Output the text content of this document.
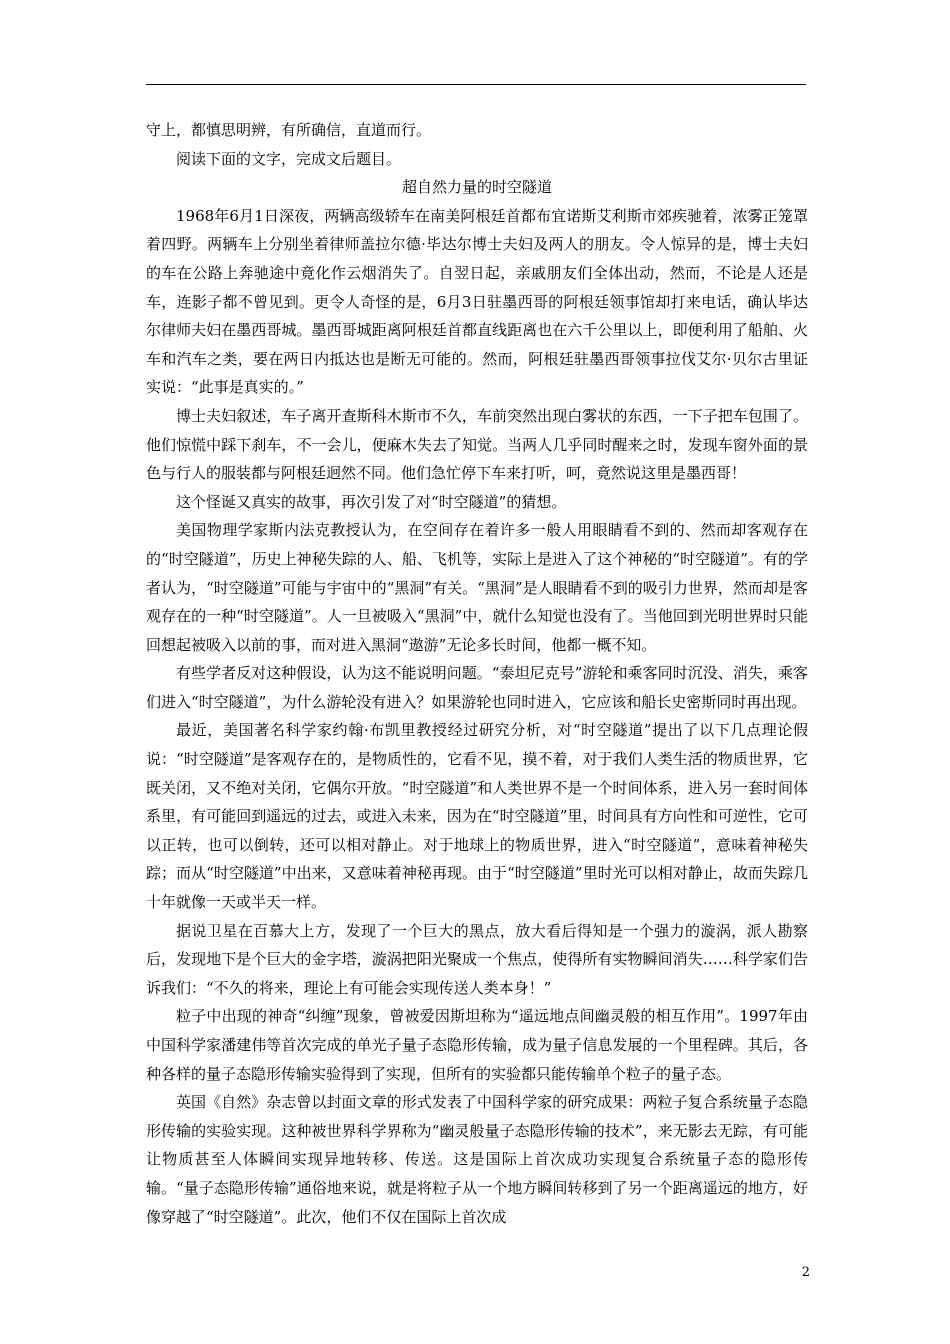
守上，都慎思明辨，有所确信，直道而行。

阅读下面的文字，完成文后题目。

超自然力量的时空隧道

1968年6月1日深夜，两辆高级轿车在南美阿根廷首都布宜诺斯艾利斯市郊疾驰着，浓雾正笼罩着四野。两辆车上分别坐着律师盖拉尔德·毕达尔博士夫妇及两人的朋友。令人惊异的是，博士夫妇的车在公路上奔驰途中竟化作云烟消失了。自翌日起，亲戚朋友们全体出动，然而，不论是人还是车，连影子都不曾见到。更令人奇怪的是，6月3日驻墨西哥的阿根廷领事馆却打来电话，确认毕达尔律师夫妇在墨西哥城。墨西哥城距离阿根廷首都直线距离也在六千公里以上，即便利用了船舶、火车和汽车之类，要在两日内抵达也是断无可能的。然而，阿根廷驻墨西哥领事拉伐艾尔·贝尔古里证实说：“此事是真实的。”

博士夫妇叙述，车子离开查斯科木斯市不久，车前突然出现白雾状的东西，一下子把车包围了。他们惊慌中踩下刹车，不一会儿，便麻木失去了知觉。当两人几乎同时醒来之时，发现车窗外面的景色与行人的服装都与阿根廷迥然不同。他们急忙停下车来打听，呵，竟然说这里是墨西哥！

这个怪诞又真实的故事，再次引发了对“时空隧道”的猜想。

美国物理学家斯内法克教授认为，在空间存在着许多一般人用眼睛看不到的、然而却客观存在的“时空隧道”，历史上神秘失踪的人、船、飞机等，实际上是进入了这个神秘的“时空隧道”。有的学者认为，“时空隧道”可能与宇宙中的“黑洞”有关。“黑洞”是人眼睛看不到的吸引力世界，然而却是客观存在的一种“时空隧道”。人一旦被吸入“黑洞”中，就什么知觉也没有了。当他回到光明世界时只能回想起被吸入以前的事，而对进入黑洞“遨游”无论多长时间，他都一概不知。

有些学者反对这种假设，认为这不能说明问题。“泰坦尼克号”游轮和乘客同时沉没、消失，乘客们进入“时空隧道”，为什么游轮没有进入？如果游轮也同时进入，它应该和船长史密斯同时再出现。

最近，美国著名科学家约翰·布凯里教授经过研究分析，对“时空隧道”提出了以下几点理论假说：“时空隧道”是客观存在的，是物质性的，它看不见，摸不着，对于我们人类生活的物质世界，它既关闭，又不绝对关闭，它偶尔开放。“时空隧道”和人类世界不是一个时间体系，进入另一套时间体系里，有可能回到遥远的过去，或进入未来，因为在“时空隧道”里，时间具有方向性和可逆性，它可以正转，也可以倒转，还可以相对静止。对于地球上的物质世界，进入“时空隧道”，意味着神秘失踪；而从“时空隧道”中出来，又意味着神秘再现。由于“时空隧道”里时光可以相对静止，故而失踪几十年就像一天或半天一样。

据说卫星在百慕大上方，发现了一个巨大的黑点，放大看后得知是一个强力的漩涡，派人勘察后，发现地下是个巨大的金字塔，漩涡把阳光聚成一个焦点，使得所有实物瞬间消失……科学家们告诉我们：“不久的将来，理论上有可能会实现传送人类本身！”

粒子中出现的神奇“纠缠”现象，曾被爱因斯坦称为“遥远地点间幽灵般的相互作用”。1997年由中国科学家潘建伟等首次完成的单光子量子态隐形传输，成为量子信息发展的一个里程碑。其后，各种各样的量子态隐形传输实验得到了实现，但所有的实验都只能传输单个粒子的量子态。

英国《自然》杂志曾以封面文章的形式发表了中国科学家的研究成果：两粒子复合系统量子态隐形传输的实验实现。这种被世界科学界称为“幽灵般量子态隐形传输的技术”，来无影去无踪，有可能让物质甚至人体瞬间实现异地转移、传送。这是国际上首次成功实现复合系统量子态的隐形传输。“量子态隐形传输”通俗地来说，就是将粒子从一个地方瞬间转移到了另一个距离遥远的地方，好像穿越了“时空隧道”。此次，他们不仅在国际上首次成

2
